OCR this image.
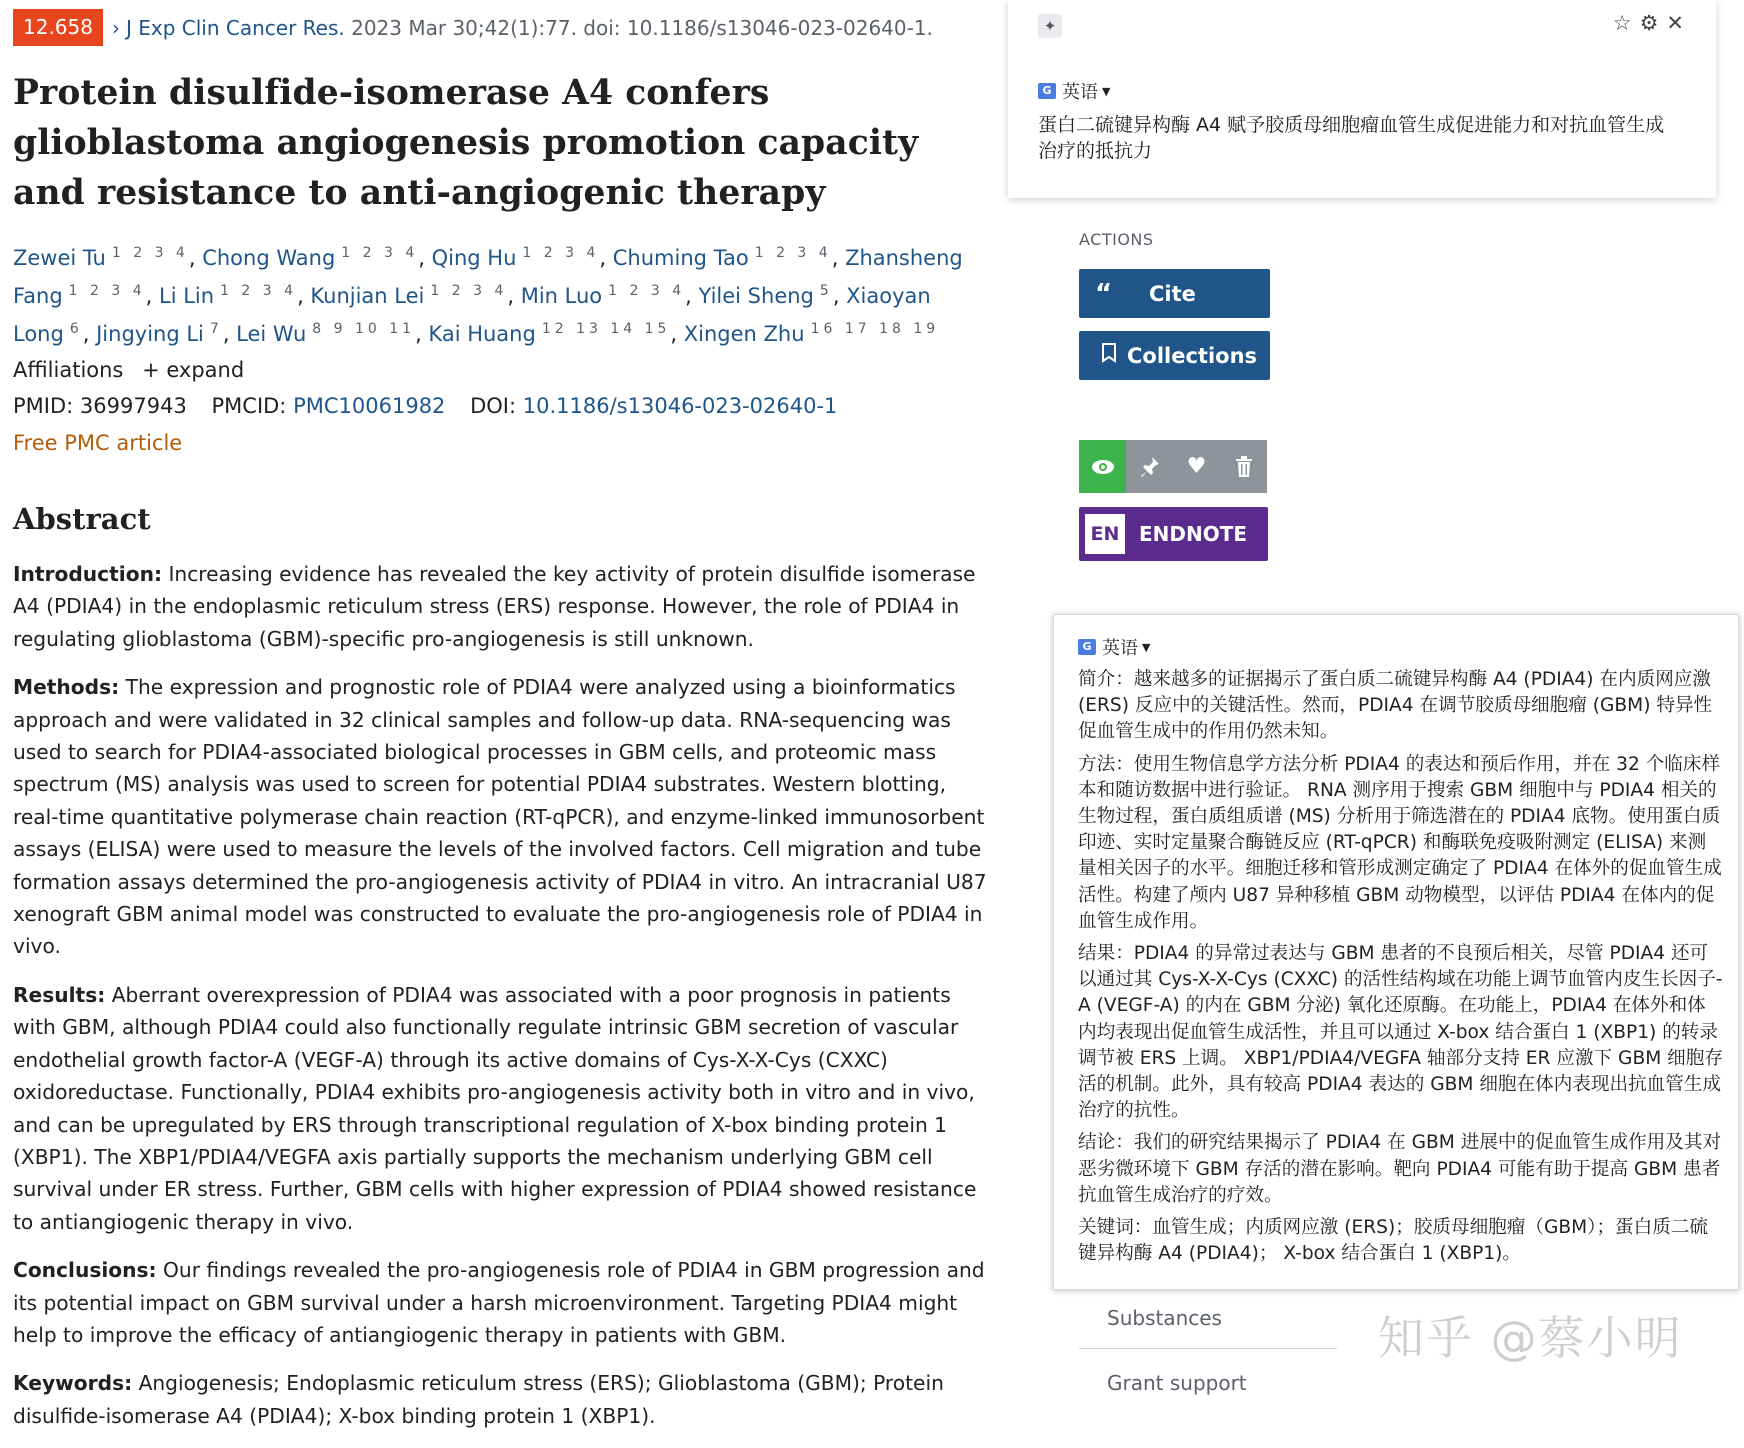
12.658 › J Exp Clin Cancer Res. 2023 Mar 30;42(1):77. doi: 10.1186/s13046-023-02640-1.
Protein disulfide-isomerase A4 confers glioblastoma angiogenesis promotion capacity and resistance to anti-angiogenic therapy
Zewei Tu $^{1 2 3 4}$, Chong Wang $^{1 2 3 4}$, Qing Hu $^{1 2 3 4}$, Chuming Tao $^{1 2 3 4}$, Zhansheng Fang $^{1 2 3 4}$, Li Lin $^{1 2 3 4}$, Kunjian Lei $^{1 2 3 4}$, Min Luo $^{1 2 3 4}$, Yilei Sheng $^5$, Xiaoyan Long $^6$, Jingying Li $^7$, Lei Wu $^{8 9 10 11}$, Kai Huang $^{12 13 14 15}$, Xingen Zhu $^{16 17 18 19}$
Affiliations + expand
PMID: 36997943 PMCID: PMC10061982 DOI: 10.1186/s13046-023-02640-1
Free PMC article
Abstract

Introduction: Increasing evidence has revealed the key activity of protein disulfide isomerase A4 (PDIA4) in the endoplasmic reticulum stress (ERS) response. However, the role of PDIA4 in regulating glioblastoma (GBM)-specific pro-angiogenesis is still unknown.

Methods: The expression and prognostic role of PDIA4 were analyzed using a bioinformatics approach and were validated in 32 clinical samples and follow-up data. RNA-sequencing was used to search for PDIA4-associated biological processes in GBM cells, and proteomic mass spectrum (MS) analysis was used to screen for potential PDIA4 substrates. Western blotting, real-time quantitative polymerase chain reaction (RT-qPCR), and enzyme-linked immunosorbent assays (ELISA) were used to measure the levels of the involved factors. Cell migration and tube formation assays determined the pro-angiogenesis activity of PDIA4 in vitro. An intracranial U87 xenograft GBM animal model was constructed to evaluate the pro-angiogenesis role of PDIA4 in vivo.

Results: Aberrant overexpression of PDIA4 was associated with a poor prognosis in patients with GBM, although PDIA4 could also functionally regulate intrinsic GBM secretion of vascular endothelial growth factor-A (VEGF-A) through its active domains of Cys-X-X-Cys (CXXC) oxidoreductase. Functionally, PDIA4 exhibits pro-angiogenesis activity both in vitro and in vivo, and can be upregulated by ERS through transcriptional regulation of X-box binding protein 1 (XBP1). The XBP1/PDIA4/VEGFA axis partially supports the mechanism underlying GBM cell survival under ER stress. Further, GBM cells with higher expression of PDIA4 showed resistance to antiangiogenic therapy in vivo.

Conclusions: Our findings revealed the pro-angiogenesis role of PDIA4 in GBM progression and its potential impact on GBM survival under a harsh microenvironment. Targeting PDIA4 might help to improve the efficacy of antiangiogenic therapy in patients with GBM.

Keywords: Angiogenesis; Endoplasmic reticulum stress (ERS); Glioblastoma (GBM); Protein disulfide-isomerase A4 (PDIA4); X-box binding protein 1 (XBP1).

✦	☆⚙✕
G 英语 ▼
蛋白二硫键异构酶 A4 赋予胶质母细胞瘤血管生成促进能力和对抗血管生成治疗的抵抗力
ACTIONS
“	Cite
Collections
♥
EN ENDNOTE
G 英语 ▼

简介：越来越多的证据揭示了蛋白质二硫键异构酶 A4 (PDIA4) 在内质网应激 (ERS) 反应中的关键活性。然而，PDIA4 在调节胶质母细胞瘤 (GBM) 特异性促血管生成中的作用仍然未知。

方法：使用生物信息学方法分析 PDIA4 的表达和预后作用，并在 32 个临床样本和随访数据中进行验证。 RNA 测序用于搜索 GBM 细胞中与 PDIA4 相关的生物过程，蛋白质组质谱 (MS) 分析用于筛选潜在的 PDIA4 底物。使用蛋白质印迹、实时定量聚合酶链反应 (RT-qPCR) 和酶联免疫吸附测定 (ELISA) 来测量相关因子的水平。细胞迁移和管形成测定确定了 PDIA4 在体外的促血管生成活性。构建了颅内 U87 异种移植 GBM 动物模型，以评估 PDIA4 在体内的促血管生成作用。

结果：PDIA4 的异常过表达与 GBM 患者的不良预后相关，尽管 PDIA4 还可以通过其 Cys-X-X-Cys (CXXC) 的活性结构域在功能上调节血管内皮生长因子-A (VEGF-A) 的内在 GBM 分泌) 氧化还原酶。在功能上，PDIA4 在体外和体内均表现出促血管生成活性，并且可以通过 X-box 结合蛋白 1 (XBP1) 的转录调节被 ERS 上调。 XBP1/PDIA4/VEGFA 轴部分支持 ER 应激下 GBM 细胞存活的机制。此外，具有较高 PDIA4 表达的 GBM 细胞在体内表现出抗血管生成治疗的抗性。

结论：我们的研究结果揭示了 PDIA4 在 GBM 进展中的促血管生成作用及其对恶劣微环境下 GBM 存活的潜在影响。靶向 PDIA4 可能有助于提高 GBM 患者抗血管生成治疗的疗效。

关键词：血管生成；内质网应激 (ERS)；胶质母细胞瘤（GBM）；蛋白质二硫键异构酶 A4 (PDIA4)； X-box 结合蛋白 1 (XBP1)。

Substances
Grant support
知乎 @蔡小明
